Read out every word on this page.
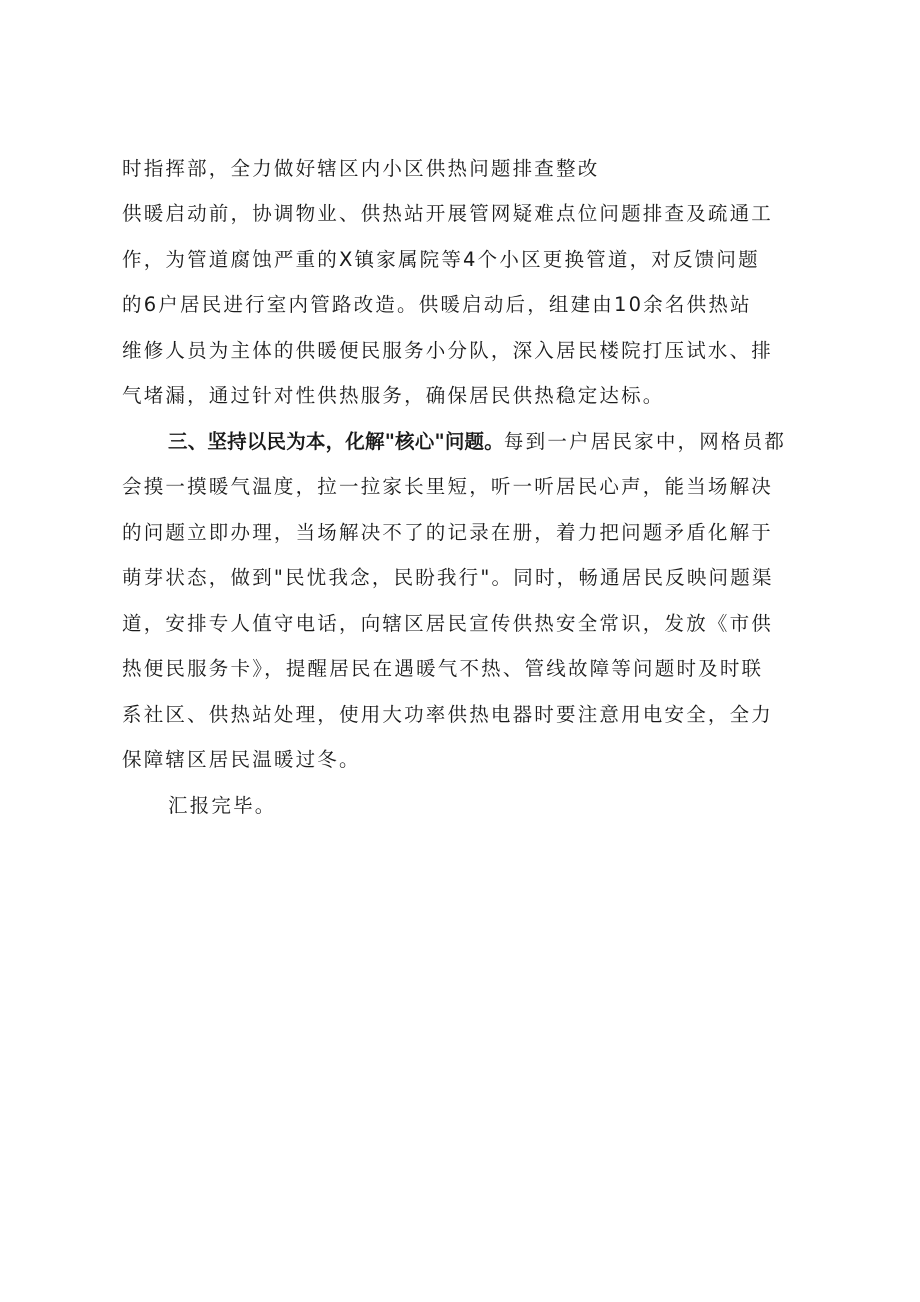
时指挥部，全力做好辖区内小区供热问题排查整改
供暖启动前，协调物业、供热站开展管网疑难点位问题排查及疏通工
作，为管道腐蚀严重的X镇家属院等4个小区更换管道，对反馈问题
的6户居民进行室内管路改造。供暖启动后，组建由10余名供热站
维修人员为主体的供暖便民服务小分队，深入居民楼院打压试水、排
气堵漏，通过针对性供热服务，确保居民供热稳定达标。
三、坚持以民为本，化解"核心"问题。每到一户居民家中，网格员都
会摸一摸暖气温度，拉一拉家长里短，听一听居民心声，能当场解决
的问题立即办理，当场解决不了的记录在册，着力把问题矛盾化解于
萌芽状态，做到"民忧我念，民盼我行"。同时，畅通居民反映问题渠
道，安排专人值守电话，向辖区居民宣传供热安全常识，发放《市供
热便民服务卡》，提醒居民在遇暖气不热、管线故障等问题时及时联
系社区、供热站处理，使用大功率供热电器时要注意用电安全，全力
保障辖区居民温暖过冬。
汇报完毕。
